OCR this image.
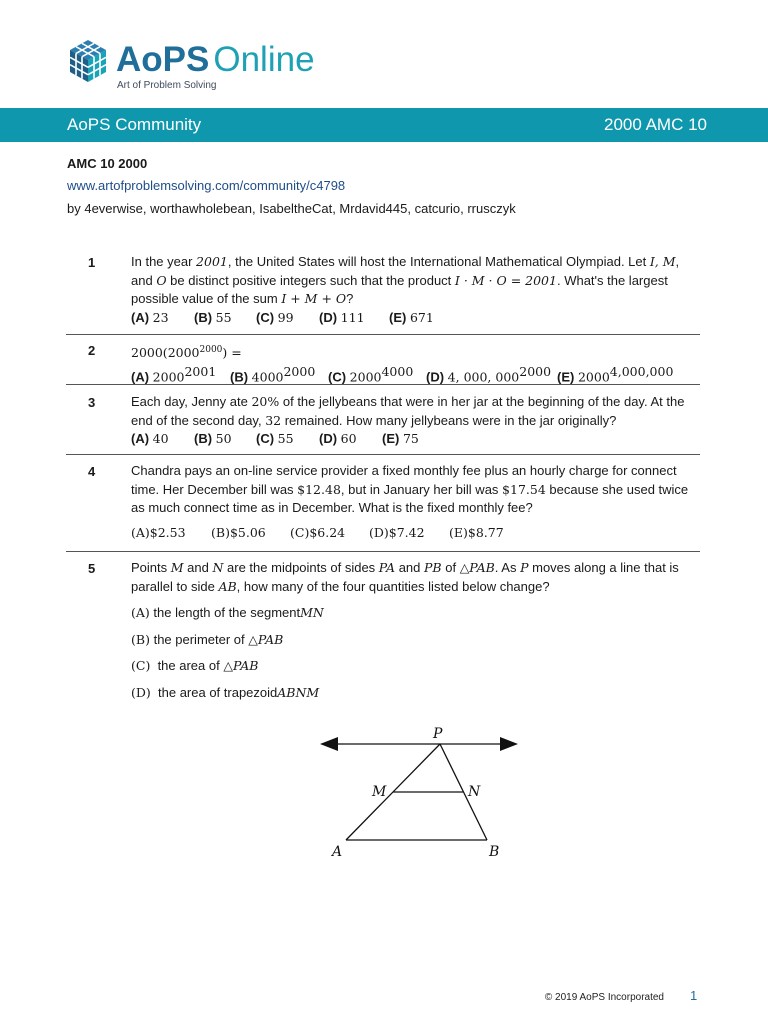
AoPS Online
Art of Problem Solving
AoPS Community	2000 AMC 10
AMC 10 2000
www.artofproblemsolving.com/community/c4798
by 4everwise, worthawholebean, IsabeltheCat, Mrdavid445, catcurio, rrusczyk
1	In the year 2001, the United States will host the International Mathematical Olympiad. Let I, M, and O be distinct positive integers such that the product I · M · O = 2001. What's the largest possible value of the sum I + M + O?
(A) 23 (B) 55 (C) 99 (D) 111 (E) 671
2	$2000(2000^{2000})$ =
(A) $2000^{2001}$ (B) $4000^{2000}$ (C) $2000^{4000}$ (D) 4, 000, $000^{2000}$ (E) 2000$^{4,000,000}$
3	Each day, Jenny ate 20% of the jellybeans that were in her jar at the beginning of the day. At the end of the second day, 32 remained. How many jellybeans were in the jar originally?
(A) 40 (B) 50 (C) 55 (D) 60 (E) 75
4	Chandra pays an on-line service provider a fixed monthly fee plus an hourly charge for connect time. Her December bill was $12.48, but in January her bill was $17.54 because she used twice as much connect time as in December. What is the fixed monthly fee?
(A)$2.53 (B)$5.06 (C)$6.24 (D)$7.42 (E)$8.77
5	Points M and N are the midpoints of sides PA and PB of △PAB. As P moves along a line that is parallel to side AB, how many of the four quantities listed below change?
(A) the length of the segmentMN
(B) the perimeter of △PAB
(C) the area of △PAB
(D) the area of trapezoidABNM
P
M	N
A	B
© 2019 AoPS Incorporated 1
